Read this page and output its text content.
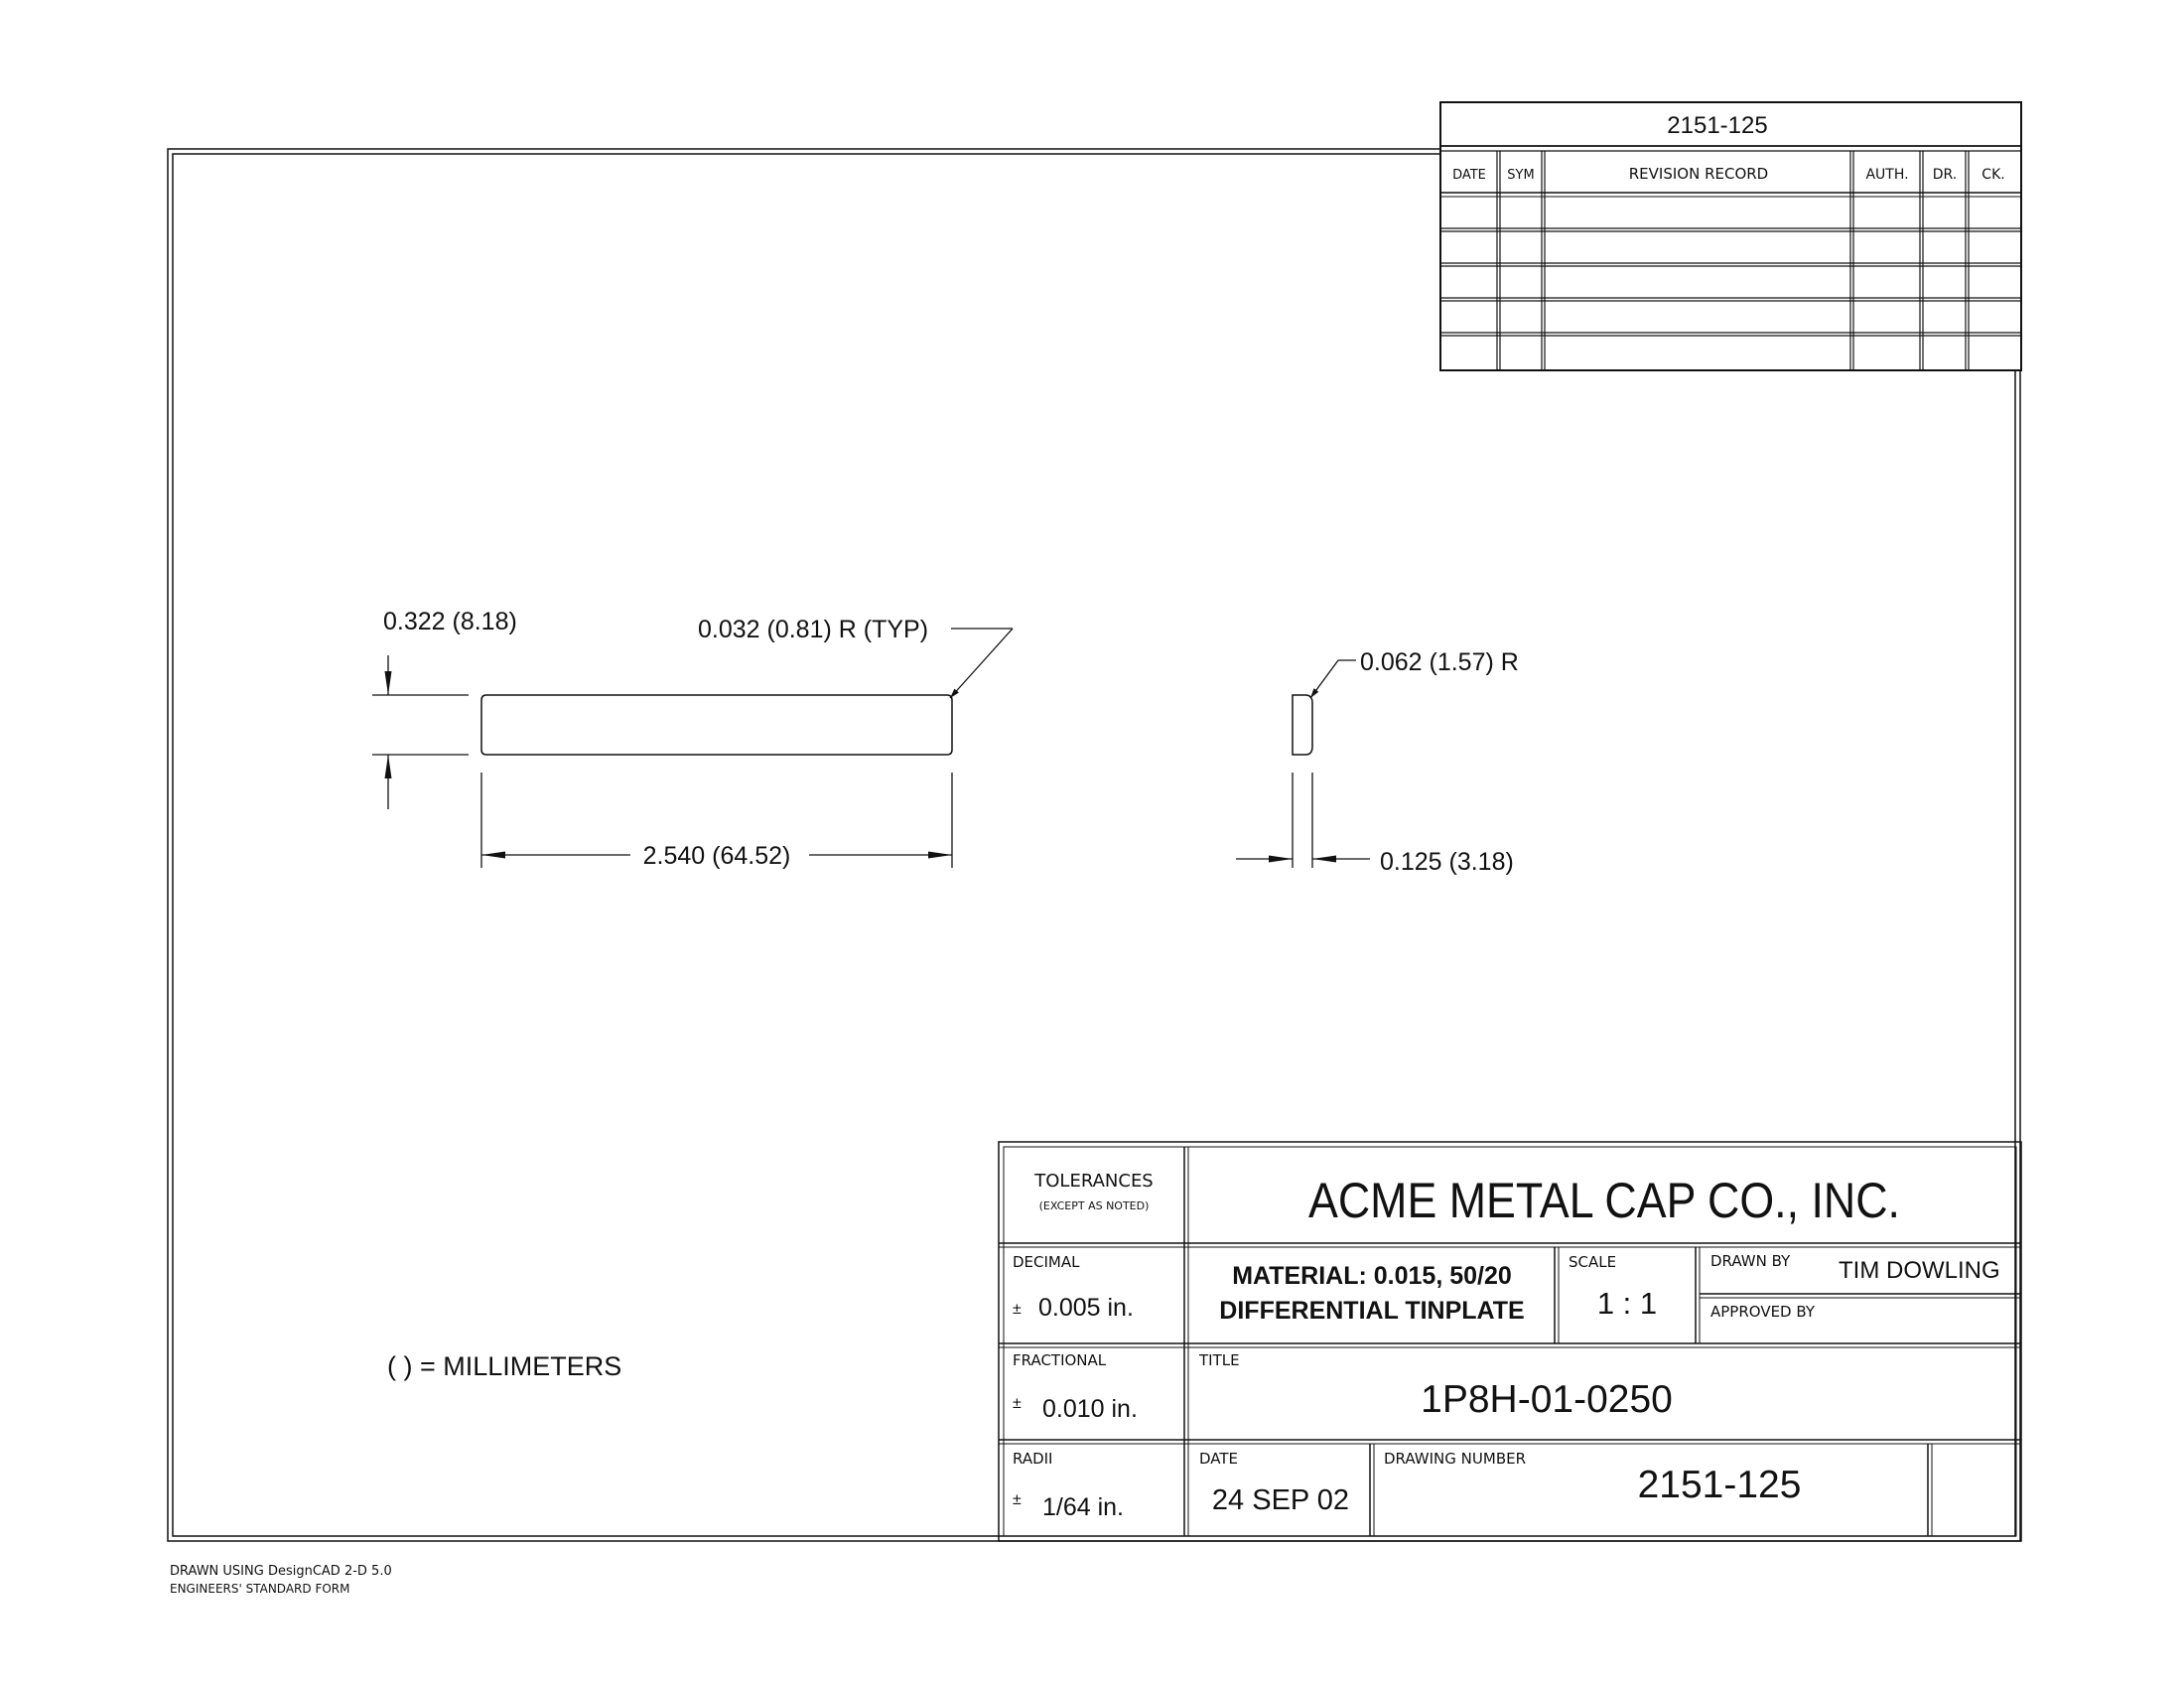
2151-125
DATE SYM	REVISION RECORD	AUTH. DR. CK.
0.322 (8.18)
2.540 (64.52)
0.032 (0.81) R (TYP)
0.062 (1.57) R
0.125 (3.18)
( ) = MILLIMETERS
TOLERANCES
(EXCEPT AS NOTED)	ACME METAL CAP CO., INC.
DECIMAL
± 0.005 in.
MATERIAL: 0.015, 50/20
DIFFERENTIAL TINPLATE
SCALE
1 : 1
DRAWN BY TIM DOWLING
APPROVED BY
FRACTIONAL
± 0.010 in.
TITLE
1P8H-01-0250
RADII
± 1/64 in.
DATE
24 SEP 02
DRAWING NUMBER
2151-125
DRAWN USING DesignCAD 2-D 5.0
ENGINEERS' STANDARD FORM
